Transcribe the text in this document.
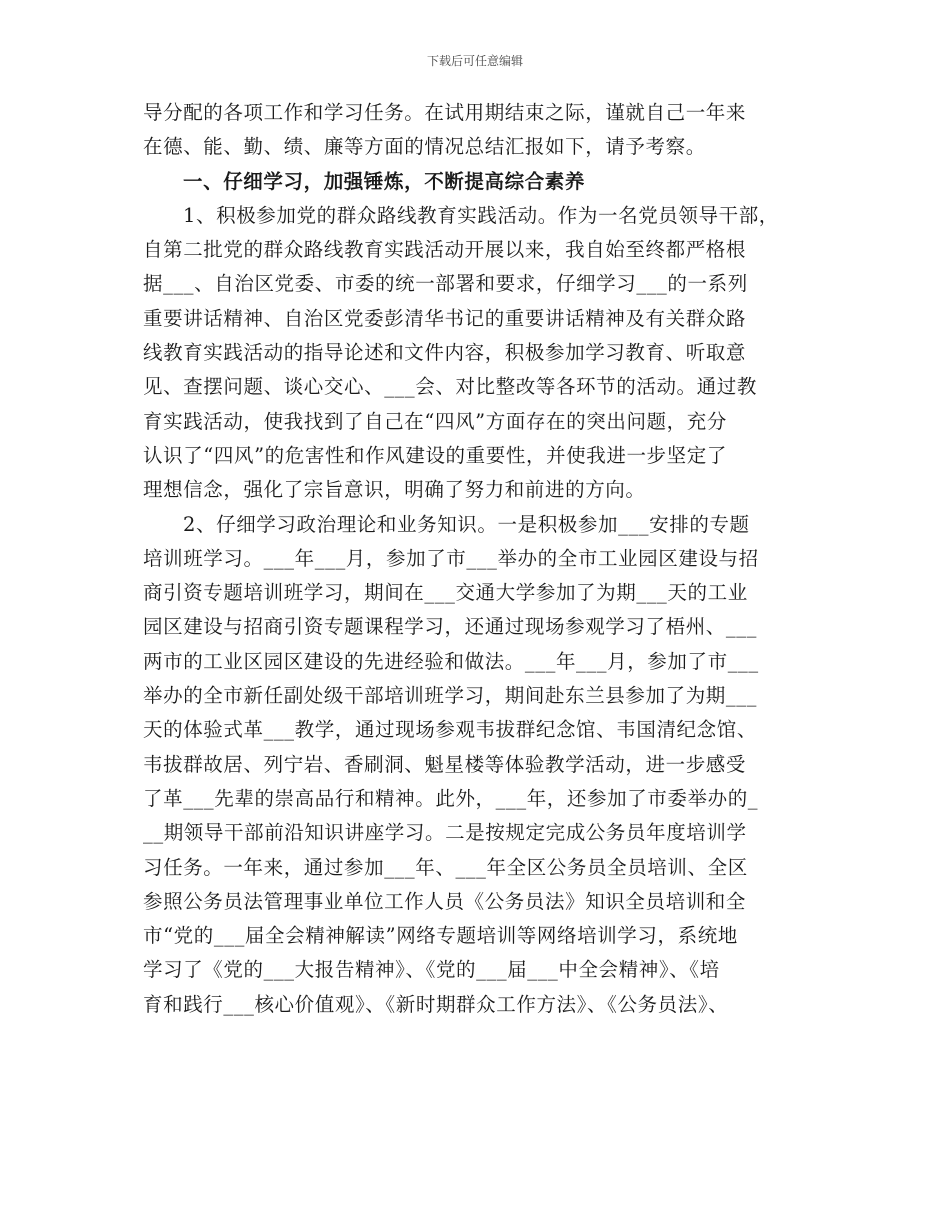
下载后可任意编辑
导分配的各项工作和学习任务。在试用期结束之际，谨就自己一年来
在德、能、勤、绩、廉等方面的情况总结汇报如下，请予考察。
一、仔细学习，加强锤炼，不断提高综合素养
1、积极参加党的群众路线教育实践活动。作为一名党员领导干部，
自第二批党的群众路线教育实践活动开展以来，我自始至终都严格根
据___、自治区党委、市委的统一部署和要求，仔细学习___的一系列
重要讲话精神、自治区党委彭清华书记的重要讲话精神及有关群众路
线教育实践活动的指导论述和文件内容，积极参加学习教育、听取意
见、查摆问题、谈心交心、___会、对比整改等各环节的活动。通过教
育实践活动，使我找到了自己在“四风”方面存在的突出问题，充分
认识了“四风”的危害性和作风建设的重要性，并使我进一步坚定了
理想信念，强化了宗旨意识，明确了努力和前进的方向。
2、仔细学习政治理论和业务知识。一是积极参加___安排的专题
培训班学习。___年___月，参加了市___举办的全市工业园区建设与招
商引资专题培训班学习，期间在___交通大学参加了为期___天的工业
园区建设与招商引资专题课程学习，还通过现场参观学习了梧州、___
两市的工业区园区建设的先进经验和做法。___年___月，参加了市___
举办的全市新任副处级干部培训班学习，期间赴东兰县参加了为期___
天的体验式革___教学，通过现场参观韦拔群纪念馆、韦国清纪念馆、
韦拔群故居、列宁岩、香刷洞、魁星楼等体验教学活动，进一步感受
了革___先辈的崇高品行和精神。此外，___年，还参加了市委举办的_
__期领导干部前沿知识讲座学习。二是按规定完成公务员年度培训学
习任务。一年来，通过参加___年、___年全区公务员全员培训、全区
参照公务员法管理事业单位工作人员《公务员法》知识全员培训和全
市“党的___届全会精神解读”网络专题培训等网络培训学习，系统地
学习了《党的___大报告精神》、《党的___届___中全会精神》、《培
育和践行___核心价值观》、《新时期群众工作方法》、《公务员法》、
